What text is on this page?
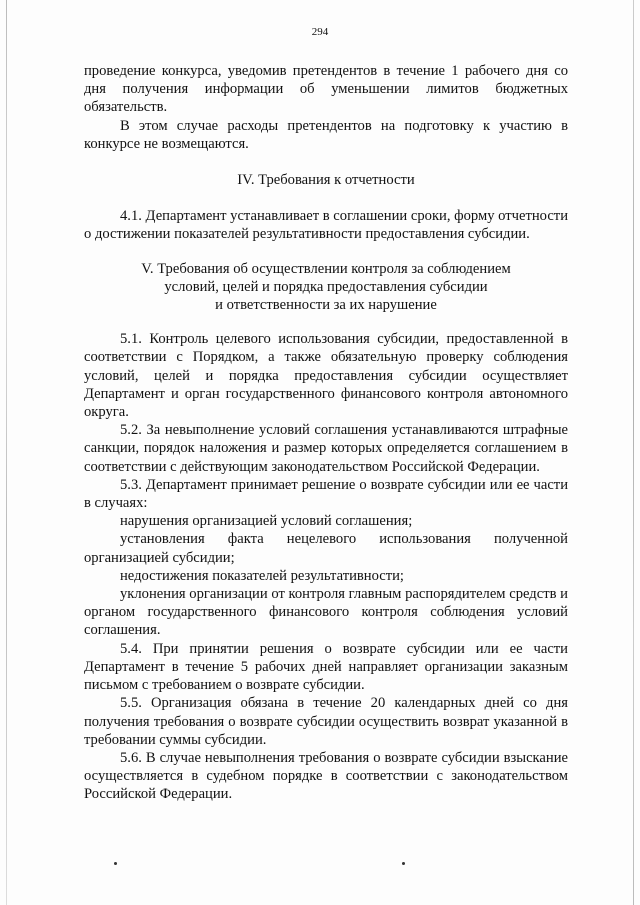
294

проведение конкурса, уведомив претендентов в течение 1 рабочего дня со дня получения информации об уменьшении лимитов бюджетных обязательств.

В этом случае расходы претендентов на подготовку к участию в конкурсе не возмещаются.

IV. Требования к отчетности

4.1. Департамент устанавливает в соглашении сроки, форму отчетности о достижении показателей результативности предоставления субсидии.

V. Требования об осуществлении контроля за соблюдением

условий, целей и порядка предоставления субсидии

и ответственности за их нарушение

5.1. Контроль целевого использования субсидии, предоставленной в соответствии с Порядком, а также обязательную проверку соблюдения условий, целей и порядка предоставления субсидии осуществляет Департамент и орган государственного финансового контроля автономного округа.

5.2. За невыполнение условий соглашения устанавливаются штрафные санкции, порядок наложения и размер которых определяется соглашением в соответствии с действующим законодательством Российской Федерации.

5.3. Департамент принимает решение о возврате субсидии или ее части в случаях:

нарушения организацией условий соглашения;

установления факта нецелевого использования полученной организацией субсидии;

недостижения показателей результативности;

уклонения организации от контроля главным распорядителем средств и органом государственного финансового контроля соблюдения условий соглашения.

5.4. При принятии решения о возврате субсидии или ее части Департамент в течение 5 рабочих дней направляет организации заказным письмом с требованием о возврате субсидии.

5.5. Организация обязана в течение 20 календарных дней со дня получения требования о возврате субсидии осуществить возврат указанной в требовании суммы субсидии.

5.6. В случае невыполнения требования о возврате субсидии взыскание осуществляется в судебном порядке в соответствии с законодательством Российской Федерации.
